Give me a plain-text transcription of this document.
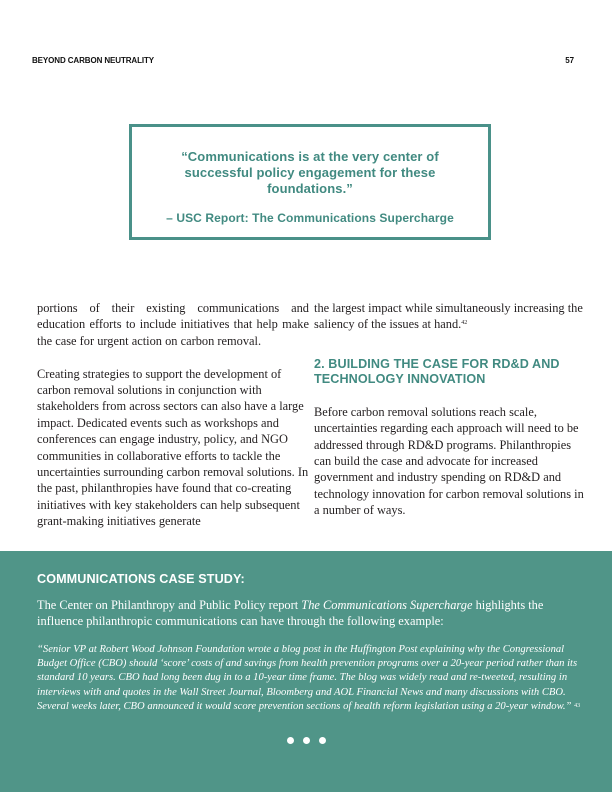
BEYOND CARBON NEUTRALITY	57
“Communications is at the very center of successful policy engagement for these foundations.”
– USC Report: The Communications Supercharge

portions of their existing communications and education efforts to include initiatives that help make the case for urgent action on carbon removal.

Creating strategies to support the development of carbon removal solutions in conjunction with stakeholders from across sectors can also have a large impact. Dedicated events such as workshops and conferences can engage industry, policy, and NGO communities in collaborative efforts to tackle the uncertainties surrounding carbon removal solutions. In the past, philanthropies have found that co-creating initiatives with key stakeholders can help subsequent grant-making initiatives generate

the largest impact while simultaneously increasing the saliency of the issues at hand.$^{42}$

2. BUILDING THE CASE FOR RD&D AND TECHNOLOGY INNOVATION

Before carbon removal solutions reach scale, uncertainties regarding each approach will need to be addressed through RD&D programs. Philanthropies can build the case and advocate for increased government and industry spending on RD&D and technology innovation for carbon removal solutions in a number of ways.

COMMUNICATIONS CASE STUDY:
The Center on Philanthropy and Public Policy report The Communications Supercharge highlights the influence philanthropic communications can have through the following example:
“Senior VP at Robert Wood Johnson Foundation wrote a blog post in the Huffington Post explaining why the Congressional Budget Office (CBO) should ‘score’ costs of and savings from health prevention programs over a 20-year period rather than its standard 10 years. CBO had long been dug in to a 10-year time frame. The blog was widely read and re-tweeted, resulting in interviews with and quotes in the Wall Street Journal, Bloomberg and AOL Financial News and many discussions with CBO. Several weeks later, CBO announced it would score prevention sections of health reform legislation using a 20-year window.” $^{43}$
